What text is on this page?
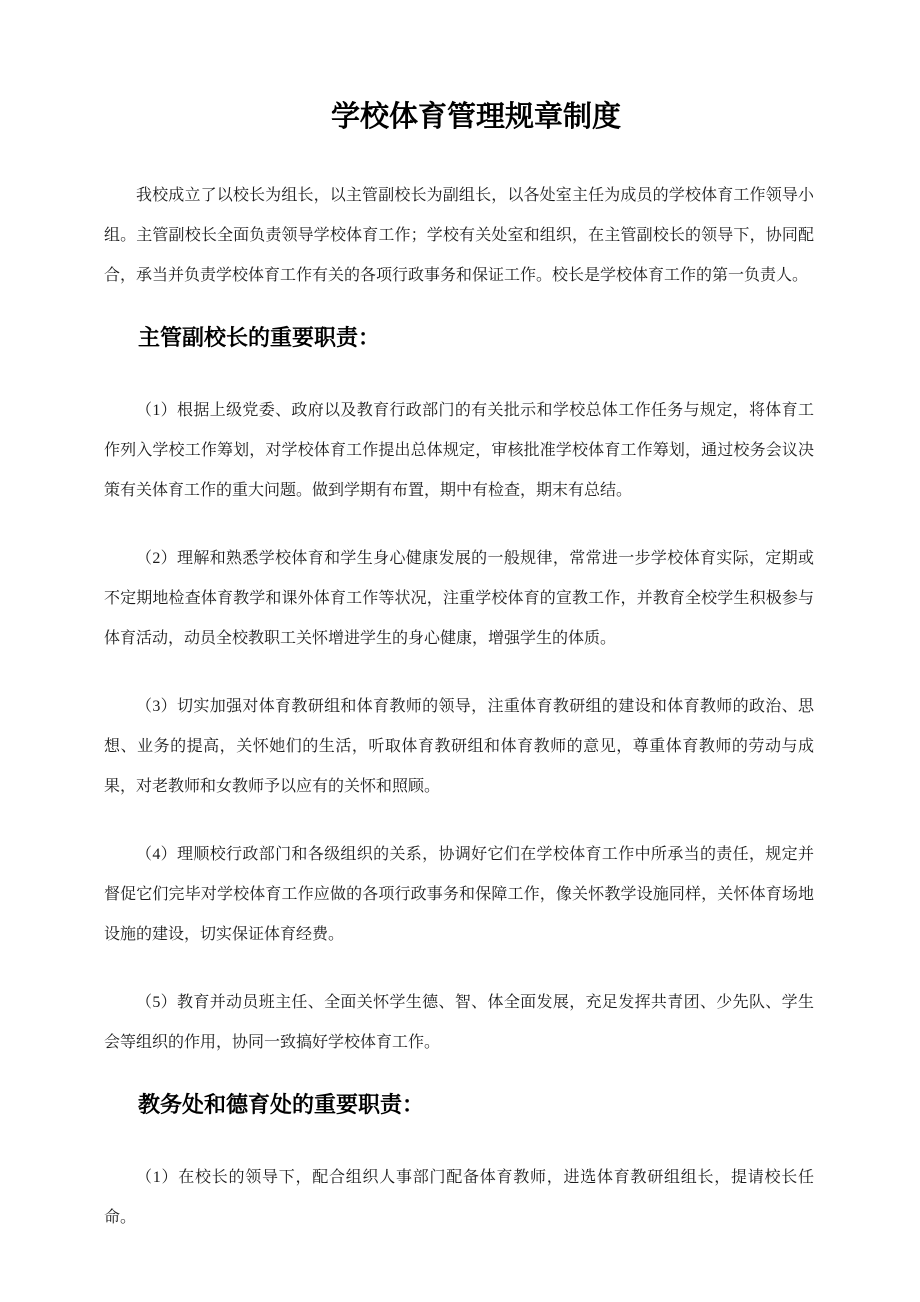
学校体育管理规章制度

我校成立了以校长为组长，以主管副校长为副组长，以各处室主任为成员的学校体育工作领导小组。主管副校长全面负责领导学校体育工作；学校有关处室和组织，在主管副校长的领导下，协同配合，承当并负责学校体育工作有关的各项行政事务和保证工作。校长是学校体育工作的第一负责人。

主管副校长的重要职责：

（1）根据上级党委、政府以及教育行政部门的有关批示和学校总体工作任务与规定，将体育工作列入学校工作筹划，对学校体育工作提出总体规定，审核批准学校体育工作筹划，通过校务会议决策有关体育工作的重大问题。做到学期有布置，期中有检查，期末有总结。

（2）理解和熟悉学校体育和学生身心健康发展的一般规律，常常进一步学校体育实际，定期或不定期地检查体育教学和课外体育工作等状况，注重学校体育的宣教工作，并教育全校学生积极参与体育活动，动员全校教职工关怀增进学生的身心健康，增强学生的体质。

（3）切实加强对体育教研组和体育教师的领导，注重体育教研组的建设和体育教师的政治、思想、业务的提高，关怀她们的生活，听取体育教研组和体育教师的意见，尊重体育教师的劳动与成果，对老教师和女教师予以应有的关怀和照顾。

（4）理顺校行政部门和各级组织的关系，协调好它们在学校体育工作中所承当的责任，规定并督促它们完毕对学校体育工作应做的各项行政事务和保障工作，像关怀教学设施同样，关怀体育场地设施的建设，切实保证体育经费。

（5）教育并动员班主任、全面关怀学生德、智、体全面发展，充足发挥共青团、少先队、学生会等组织的作用，协同一致搞好学校体育工作。

教务处和德育处的重要职责：

（1）在校长的领导下，配合组织人事部门配备体育教师，进选体育教研组组长，提请校长任命。
